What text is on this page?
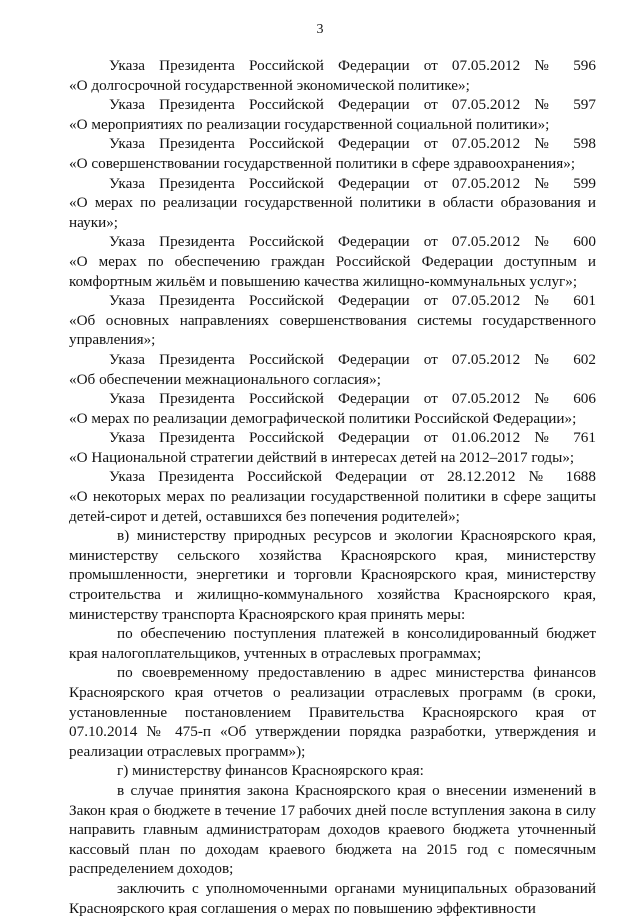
3
Указа Президента Российской Федерации от 07.05.2012 № 596
«О долгосрочной государственной экономической политике»;
Указа Президента Российской Федерации от 07.05.2012 № 597
«О мероприятиях по реализации государственной социальной политики»;
Указа Президента Российской Федерации от 07.05.2012 № 598
«О совершенствовании государственной политики в сфере здравоохранения»;
Указа Президента Российской Федерации от 07.05.2012 № 599
«О мерах по реализации государственной политики в области образования и науки»;
Указа Президента Российской Федерации от 07.05.2012 № 600
«О мерах по обеспечению граждан Российской Федерации доступным и комфортным жильём и повышению качества жилищно-коммунальных услуг»;
Указа Президента Российской Федерации от 07.05.2012 № 601
«Об основных направлениях совершенствования системы государственного управления»;
Указа Президента Российской Федерации от 07.05.2012 № 602
«Об обеспечении межнационального согласия»;
Указа Президента Российской Федерации от 07.05.2012 № 606
«О мерах по реализации демографической политики Российской Федерации»;
Указа Президента Российской Федерации от 01.06.2012 № 761
«О Национальной стратегии действий в интересах детей на 2012–2017 годы»;
Указа Президента Российской Федерации от 28.12.2012 № 1688
«О некоторых мерах по реализации государственной политики в сфере защиты детей-сирот и детей, оставшихся без попечения родителей»;

в) министерству природных ресурсов и экологии Красноярского края, министерству сельского хозяйства Красноярского края, министерству промышленности, энергетики и торговли Красноярского края, министерству строительства и жилищно-коммунального хозяйства Красноярского края, министерству транспорта Красноярского края принять меры:

по обеспечению поступления платежей в консолидированный бюджет края налогоплательщиков, учтенных в отраслевых программах;

по своевременному предоставлению в адрес министерства финансов Красноярского края отчетов о реализации отраслевых программ (в сроки, установленные постановлением Правительства Красноярского края от 07.10.2014 № 475-п «Об утверждении порядка разработки, утверждения и реализации отраслевых программ»);

г) министерству финансов Красноярского края:

в случае принятия закона Красноярского края о внесении изменений в Закон края о бюджете в течение 17 рабочих дней после вступления закона в силу направить главным администраторам доходов краевого бюджета уточненный кассовый план по доходам краевого бюджета на 2015 год с помесячным распределением доходов;

заключить с уполномоченными органами муниципальных образований Красноярского края соглашения о мерах по повышению эффективности
